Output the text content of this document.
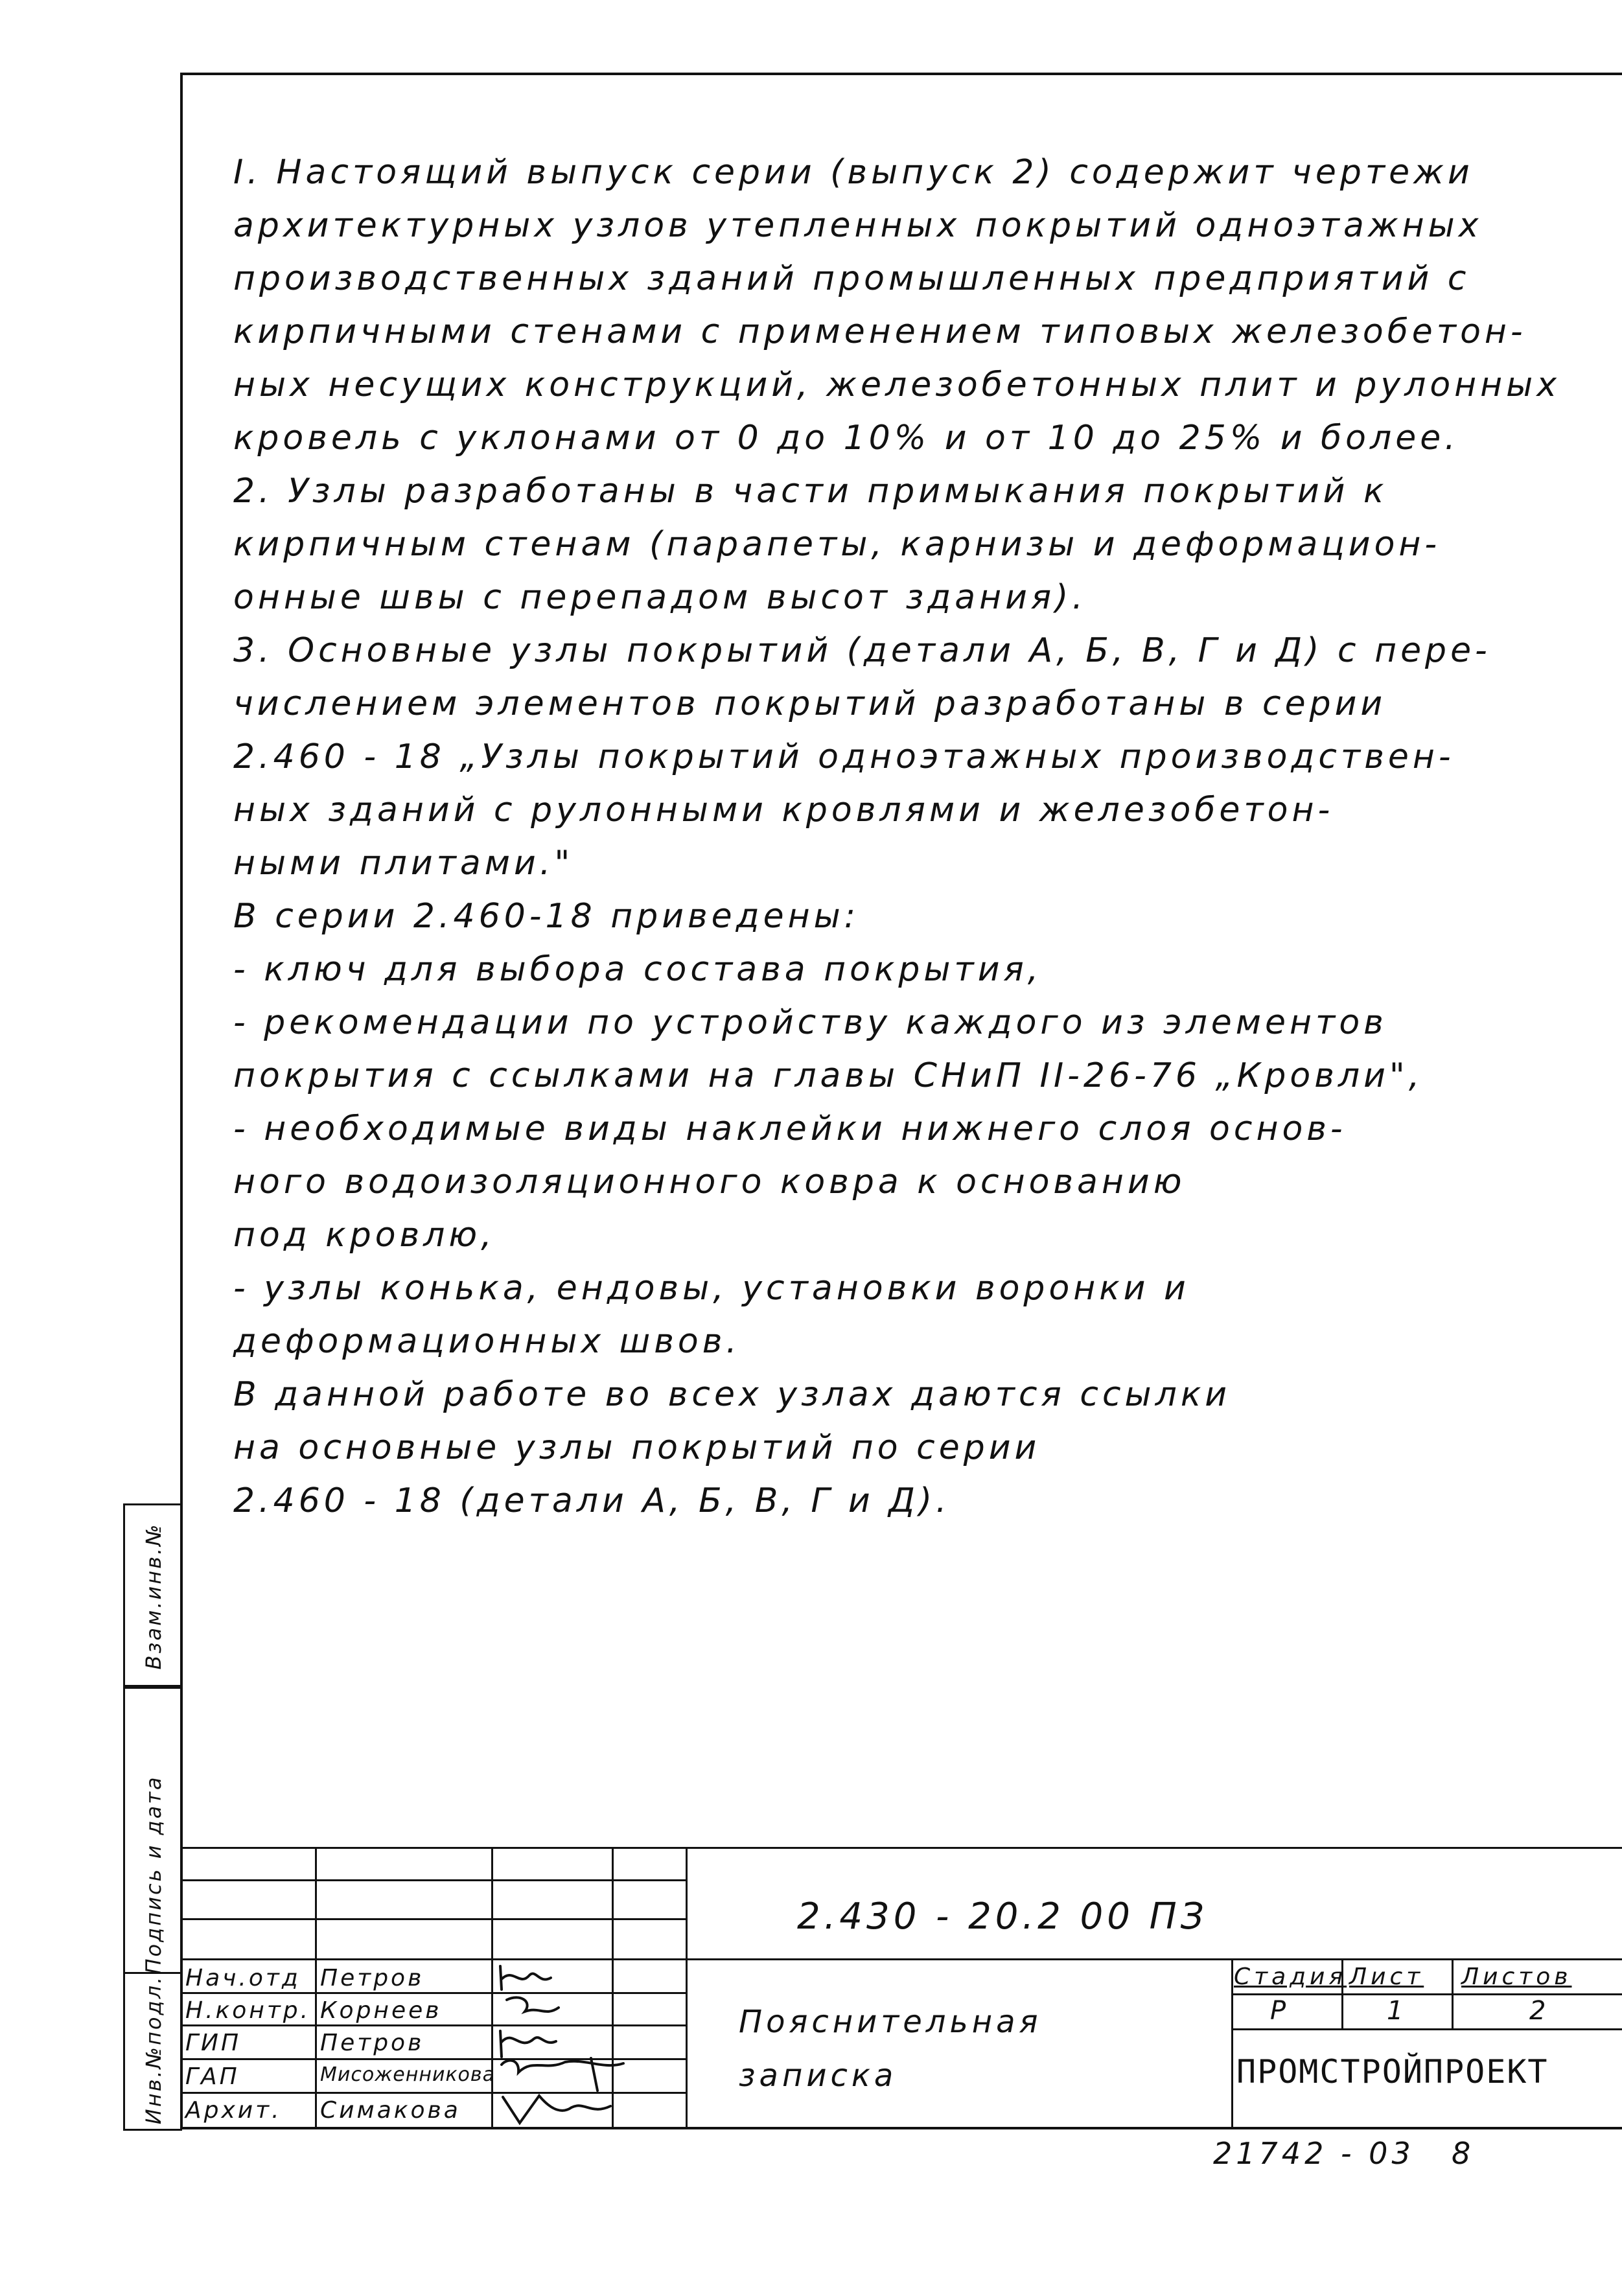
I. Настоящий выпуск серии (выпуск 2) содержит чертежи
архитектурных узлов утепленных покрытий одноэтажных
производственных зданий промышленных предприятий с
кирпичными стенами с применением типовых железобетон-
ных несущих конструкций, железобетонных плит и рулонных
кровель с уклонами от 0 до 10% и от 10 до 25% и более.
2. Узлы разработаны в части примыкания покрытий к
кирпичным стенам (парапеты, карнизы и деформацион-
онные швы с перепадом высот здания).
3. Основные узлы покрытий (детали А, Б, В, Г и Д) с пере-
числением элементов покрытий разработаны в серии
2.460 - 18 „Узлы покрытий одноэтажных производствен-
ных зданий с рулонными кровлями и железобетон-
ными плитами."
В серии 2.460-18 приведены:
- ключ для выбора состава покрытия,
- рекомендации по устройству каждого из элементов
покрытия с ссылками на главы СНиП II-26-76 „Кровли",
- необходимые виды наклейки нижнего слоя основ-
ного водоизоляционного ковра к основанию
под кровлю,
- узлы конька, ендовы, установки воронки и
деформационных швов.
В данной работе во всех узлах даются ссылки
на основные узлы покрытий по серии
2.460 - 18 (детали А, Б, В, Г и Д).
Взам.инв.№
Подпись и дата
Инв.№подл.
2.430 - 20.2 00 ПЗ
Пояснительная
записка
Стадия Лист Листов
Р	1	2
ПРОМСТРОЙПРОЕКТ
Нач.отд Петров
Н.контр. Корнеев
ГИП	Петров
ГАП	Мисоженникова
Архит. Симакова
21742 - 03 8
